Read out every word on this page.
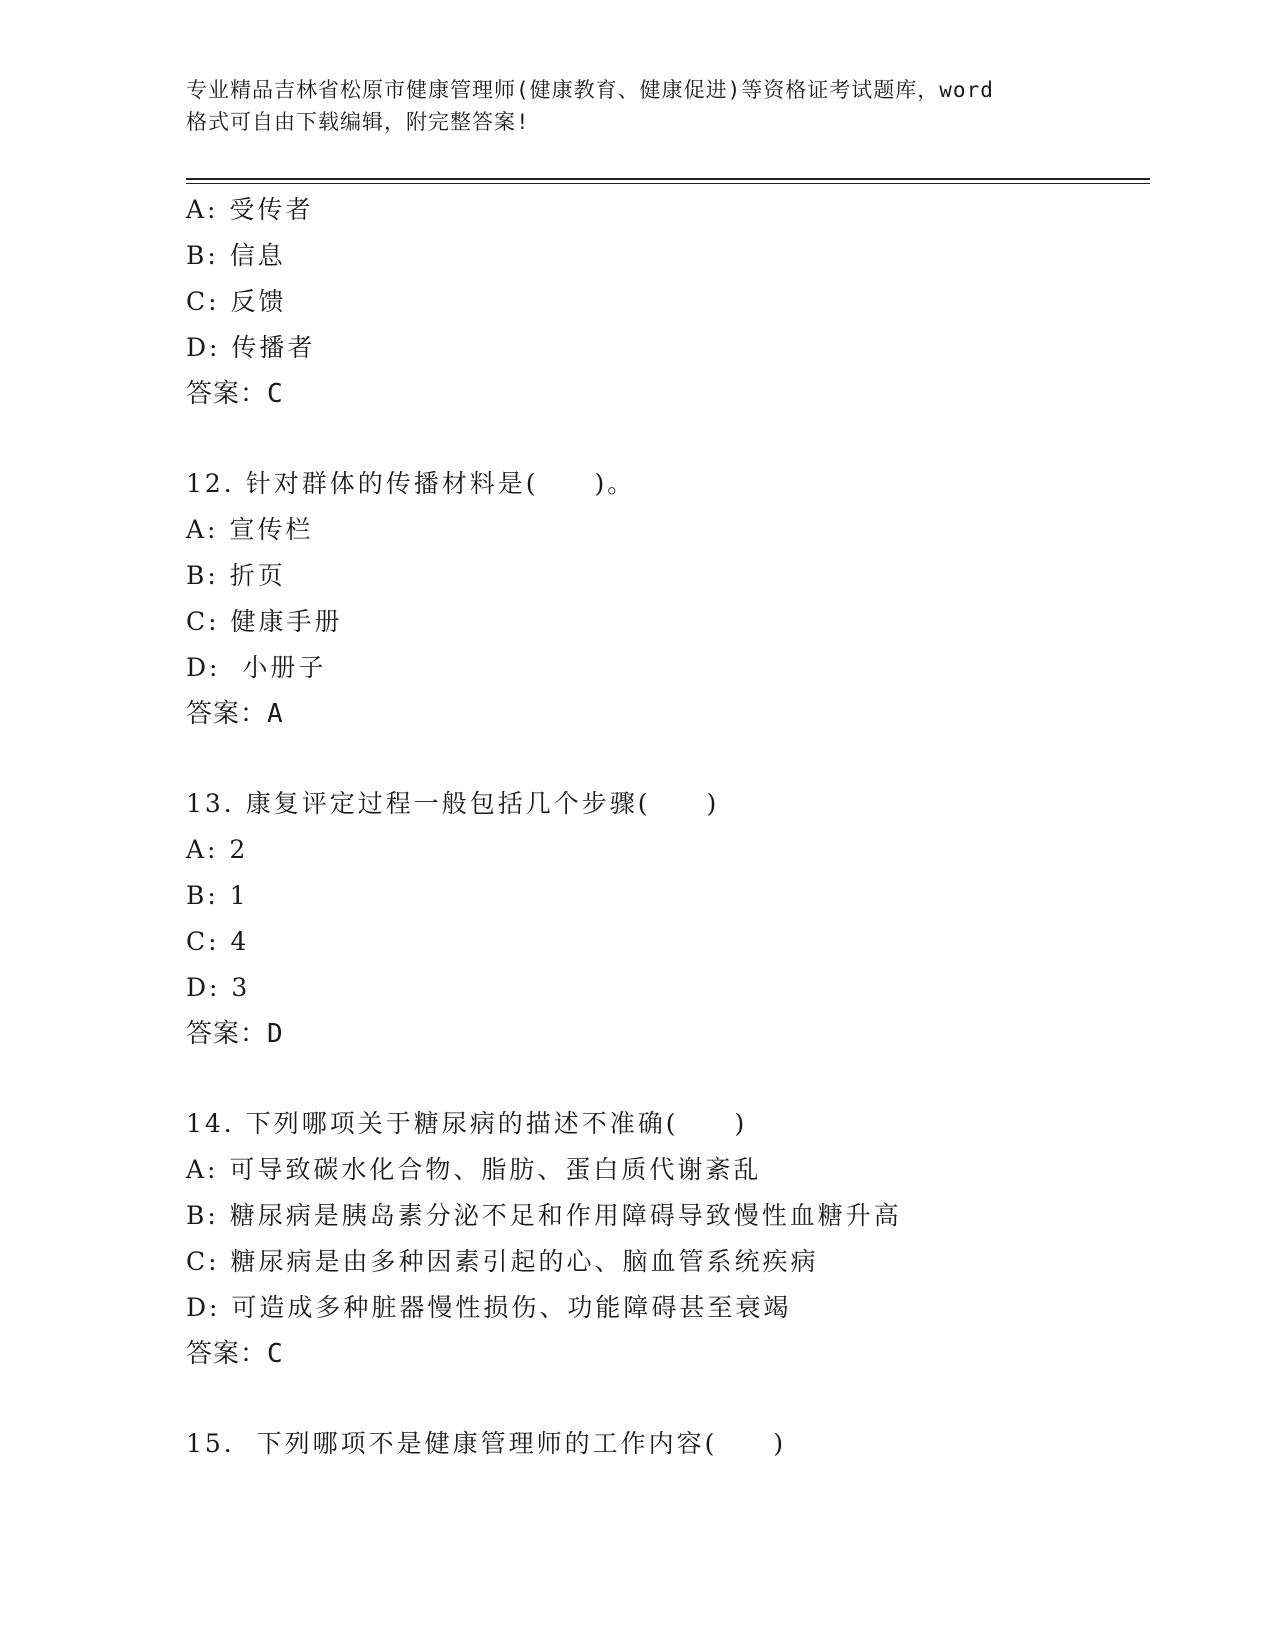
专业精品吉林省松原市健康管理师(健康教育、健康促进)等资格证考试题库，word
格式可自由下载编辑，附完整答案!
A: 受传者
B: 信息
C: 反馈
D: 传播者
答案：C
12. 针对群体的传播材料是(　　)。
A: 宣传栏
B: 折页
C: 健康手册
D:  小册子
答案：A
13. 康复评定过程一般包括几个步骤(　　)
A: 2
B: 1
C: 4
D: 3
答案：D
14. 下列哪项关于糖尿病的描述不准确(　　)
A: 可导致碳水化合物、脂肪、蛋白质代谢紊乱
B: 糖尿病是胰岛素分泌不足和作用障碍导致慢性血糖升高
C: 糖尿病是由多种因素引起的心、脑血管系统疾病
D: 可造成多种脏器慢性损伤、功能障碍甚至衰竭
答案：C
15.  下列哪项不是健康管理师的工作内容(　　)
